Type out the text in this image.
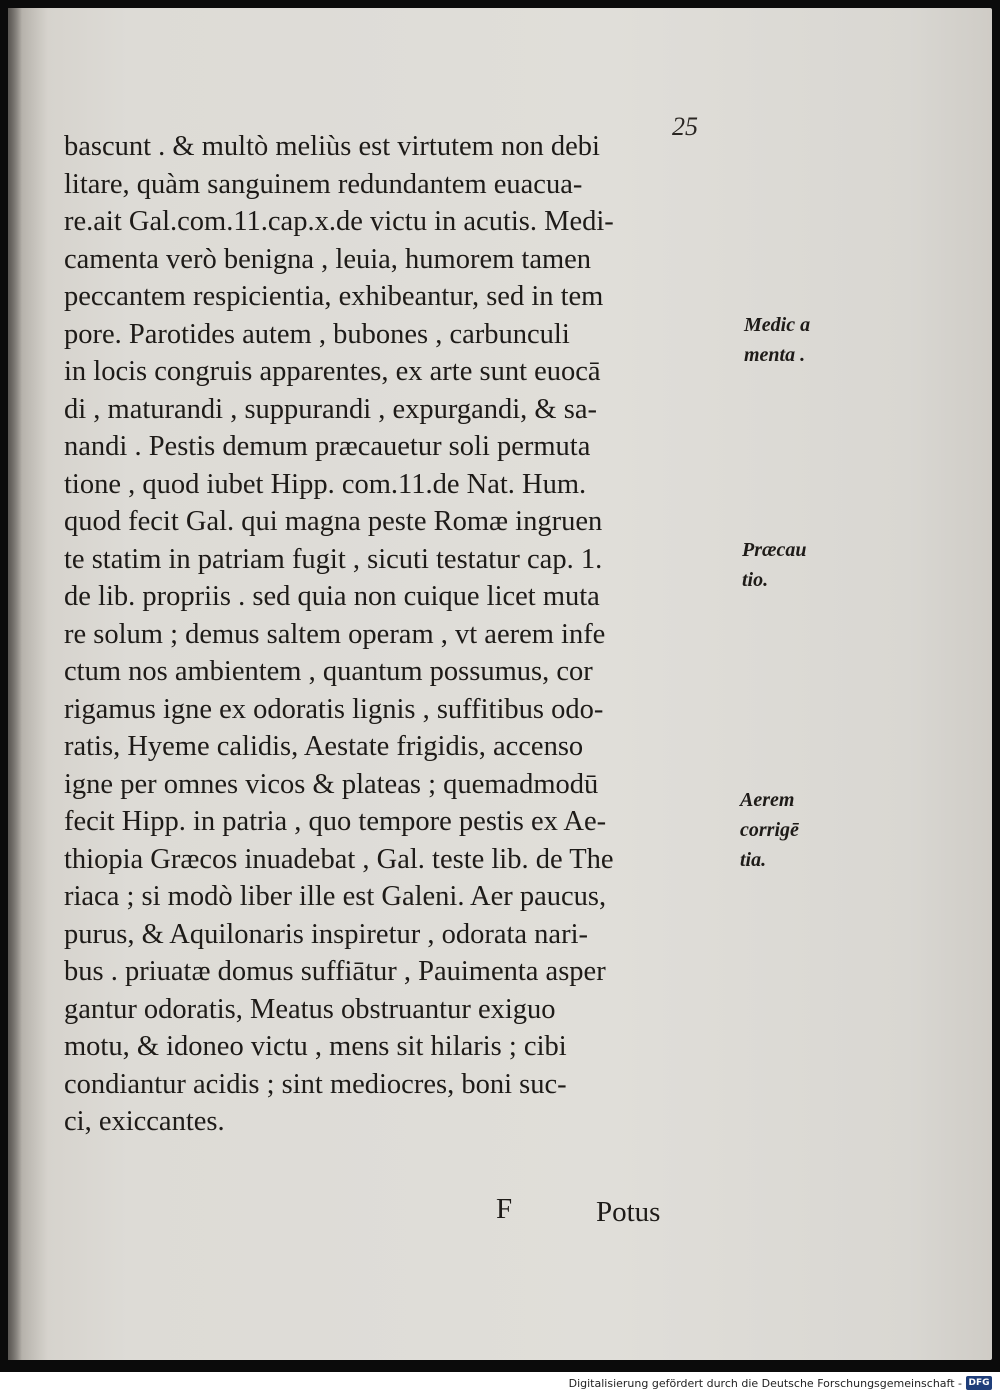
25
bascunt . & multò meliùs est virtutem non debi
litare, quàm sanguinem redundantem euacua-
re.ait Gal.com.11.cap.x.de victu in acutis. Medi-
camenta verò benigna , leuia, humorem tamen
peccantem respicientia, exhibeantur, sed in tem
pore. Parotides autem , bubones , carbunculi
in locis congruis apparentes, ex arte sunt euocā
di , maturandi , suppurandi , expurgandi, & sa-
nandi . Pestis demum præcauetur soli permuta
tione , quod iubet Hipp. com.11.de Nat. Hum.
quod fecit Gal. qui magna peste Romæ ingruen
te statim in patriam fugit , sicuti testatur cap. 1.
de lib. propriis . sed quia non cuique licet muta
re solum ; demus saltem operam , vt aerem infe
ctum nos ambientem , quantum possumus, cor
rigamus igne ex odoratis lignis , suffitibus odo-
ratis, Hyeme calidis, Aestate frigidis, accenso
igne per omnes vicos & plateas ; quemadmodū
fecit Hipp. in patria , quo tempore pestis ex Ae-
thiopia Græcos inuadebat , Gal. teste lib. de The
riaca ; si modò liber ille est Galeni. Aer paucus,
purus, & Aquilonaris inspiretur , odorata nari-
bus . priuatæ domus suffiātur , Pauimenta asper
gantur odoratis, Meatus obstruantur exiguo
motu, & idoneo victu , mens sit hilaris ; cibi
condiantur acidis ; sint mediocres, boni suc-
ci, exiccantes.
Medic a
menta .
Præcau
tio.
Aerem
corrigē
tia.
F	Potus
Digitalisierung gefördert durch die Deutsche Forschungsgemeinschaft - DFG
